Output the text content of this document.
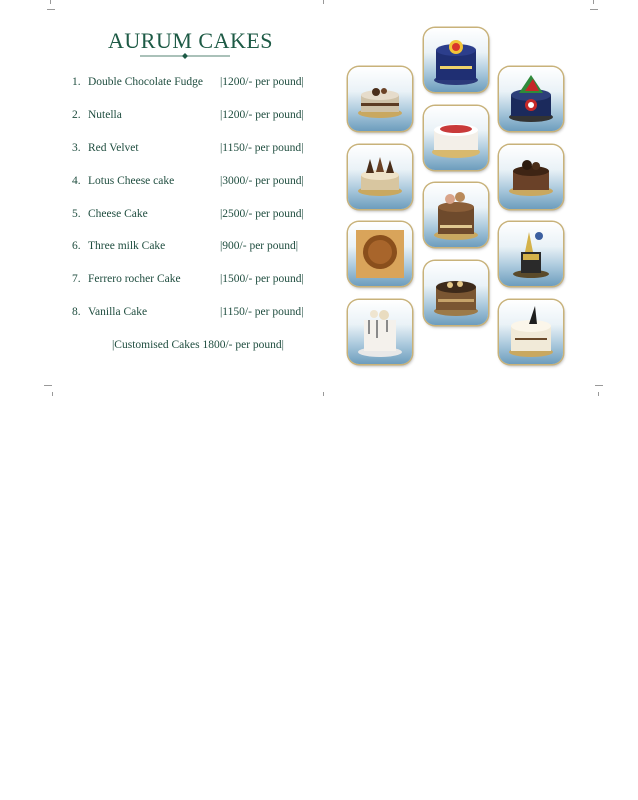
AURUM CAKES
1. Double Chocolate Fudge |1200/- per pound|
2. Nutella	|1200/- per pound|
3. Red Velvet	|1150/- per pound|
4. Lotus Cheese cake	|3000/- per pound|
5. Cheese Cake	|2500/- per pound|
6. Three milk Cake	|900/- per pound|
7. Ferrero rocher Cake	|1500/- per pound|
8. Vanilla Cake	|1150/- per pound|
|Customised Cakes 1800/- per pound|
